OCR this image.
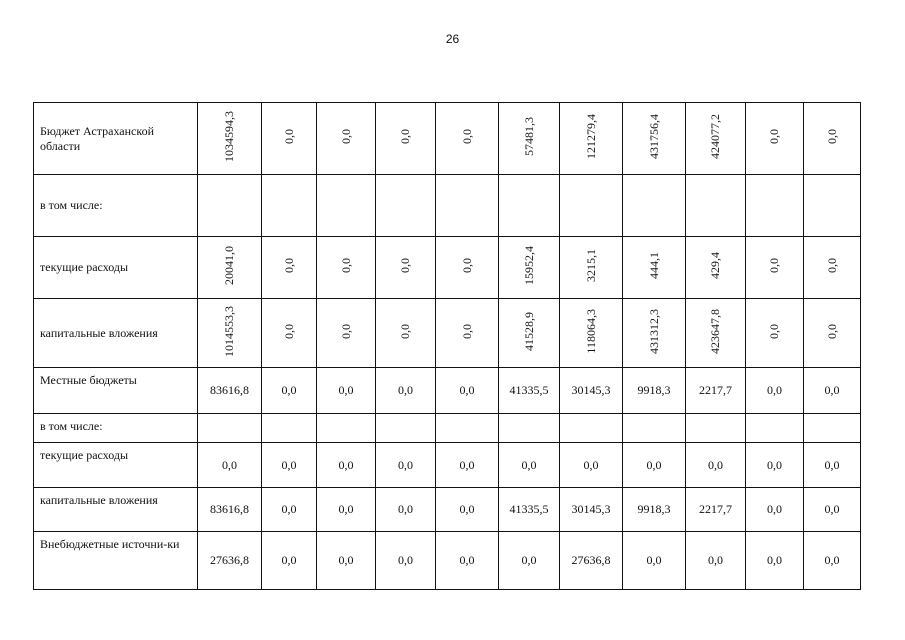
26
Бюджет Астраханской области	1034594,3	0,0	0,0	0,0	0,0	57481,3	121279,4	431756,4	424077,2	0,0	0,0
в том числе:											
текущие расходы	20041,0	0,0	0,0	0,0	0,0	15952,4	3215,1	444,1	429,4	0,0	0,0
капитальные вложения	1014553,3	0,0	0,0	0,0	0,0	41528,9	118064,3	431312,3	423647,8	0,0	0,0
Местные бюджеты	83616,8	0,0	0,0	0,0	0,0	41335,5	30145,3	9918,3	2217,7	0,0	0,0
в том числе:											
текущие расходы	0,0	0,0	0,0	0,0	0,0	0,0	0,0	0,0	0,0	0,0	0,0
капитальные вложения	83616,8	0,0	0,0	0,0	0,0	41335,5	30145,3	9918,3	2217,7	0,0	0,0
Внебюджетные источни-ки	27636,8	0,0	0,0	0,0	0,0	0,0	27636,8	0,0	0,0	0,0	0,0
